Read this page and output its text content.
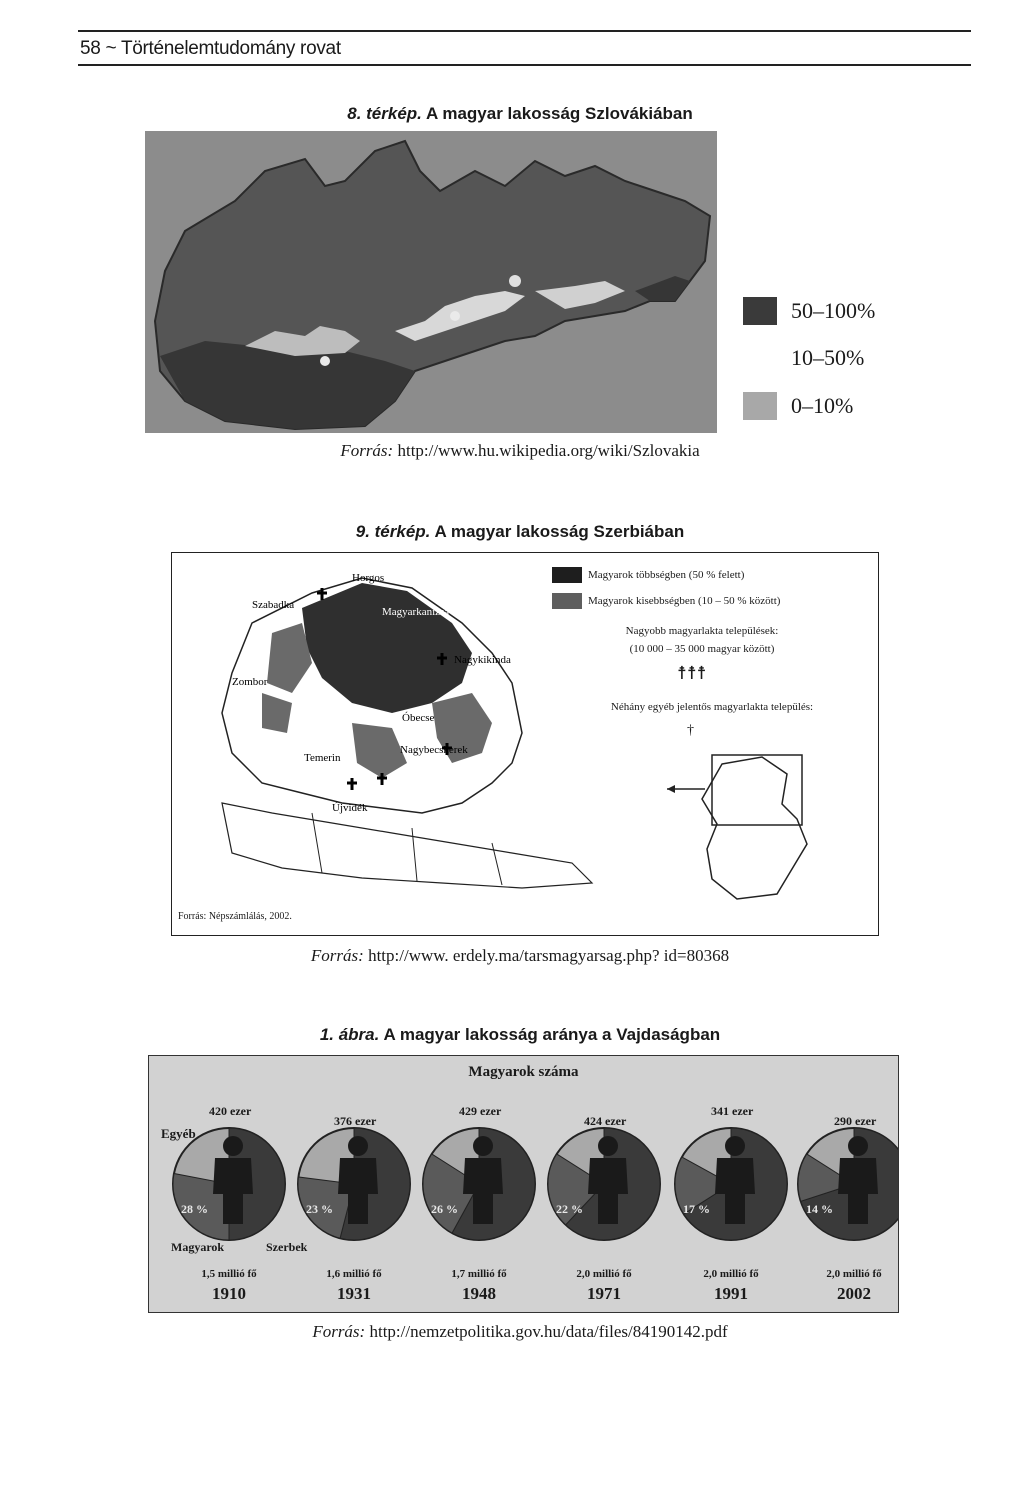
58 ~ Történelemtudomány rovat
8. térkép. A magyar lakosság Szlovákiában
50–100%
10–50%
0–10%
Forrás: http://www.hu.wikipedia.org/wiki/Szlovakia
9. térkép. A magyar lakosság Szerbiában
Horgos
Szabadka
Magyarkanizsa
Nagykikinda
Zombor
Óbecse
Temerin
Nagybecskerek
Újvidék
Magyarok többségben (50 % felett)
Magyarok kisebbségben (10 – 50 % között)
Nagyobb magyarlakta települések:
(10 000 – 35 000 magyar között)
☨☨☨
Néhány egyéb jelentős magyarlakta település:
†
Forrás: Népszámlálás, 2002.
Forrás: http://www. erdely.ma/tarsmagyarsag.php? id=80368
1. ábra. A magyar lakosság aránya a Vajdaságban
Magyarok száma
Egyéb
Magyarok	Szerbek
420 ezer
28 %
1,5 millió fő
1910
376 ezer
23 %
1,6 millió fő
1931
429 ezer
26 %
1,7 millió fő
1948
424 ezer
22 %
2,0 millió fő
1971
341 ezer
17 %
2,0 millió fő
1991
290 ezer
14 %
2,0 millió fő
2002
Forrás: http://nemzetpolitika.gov.hu/data/files/84190142.pdf
